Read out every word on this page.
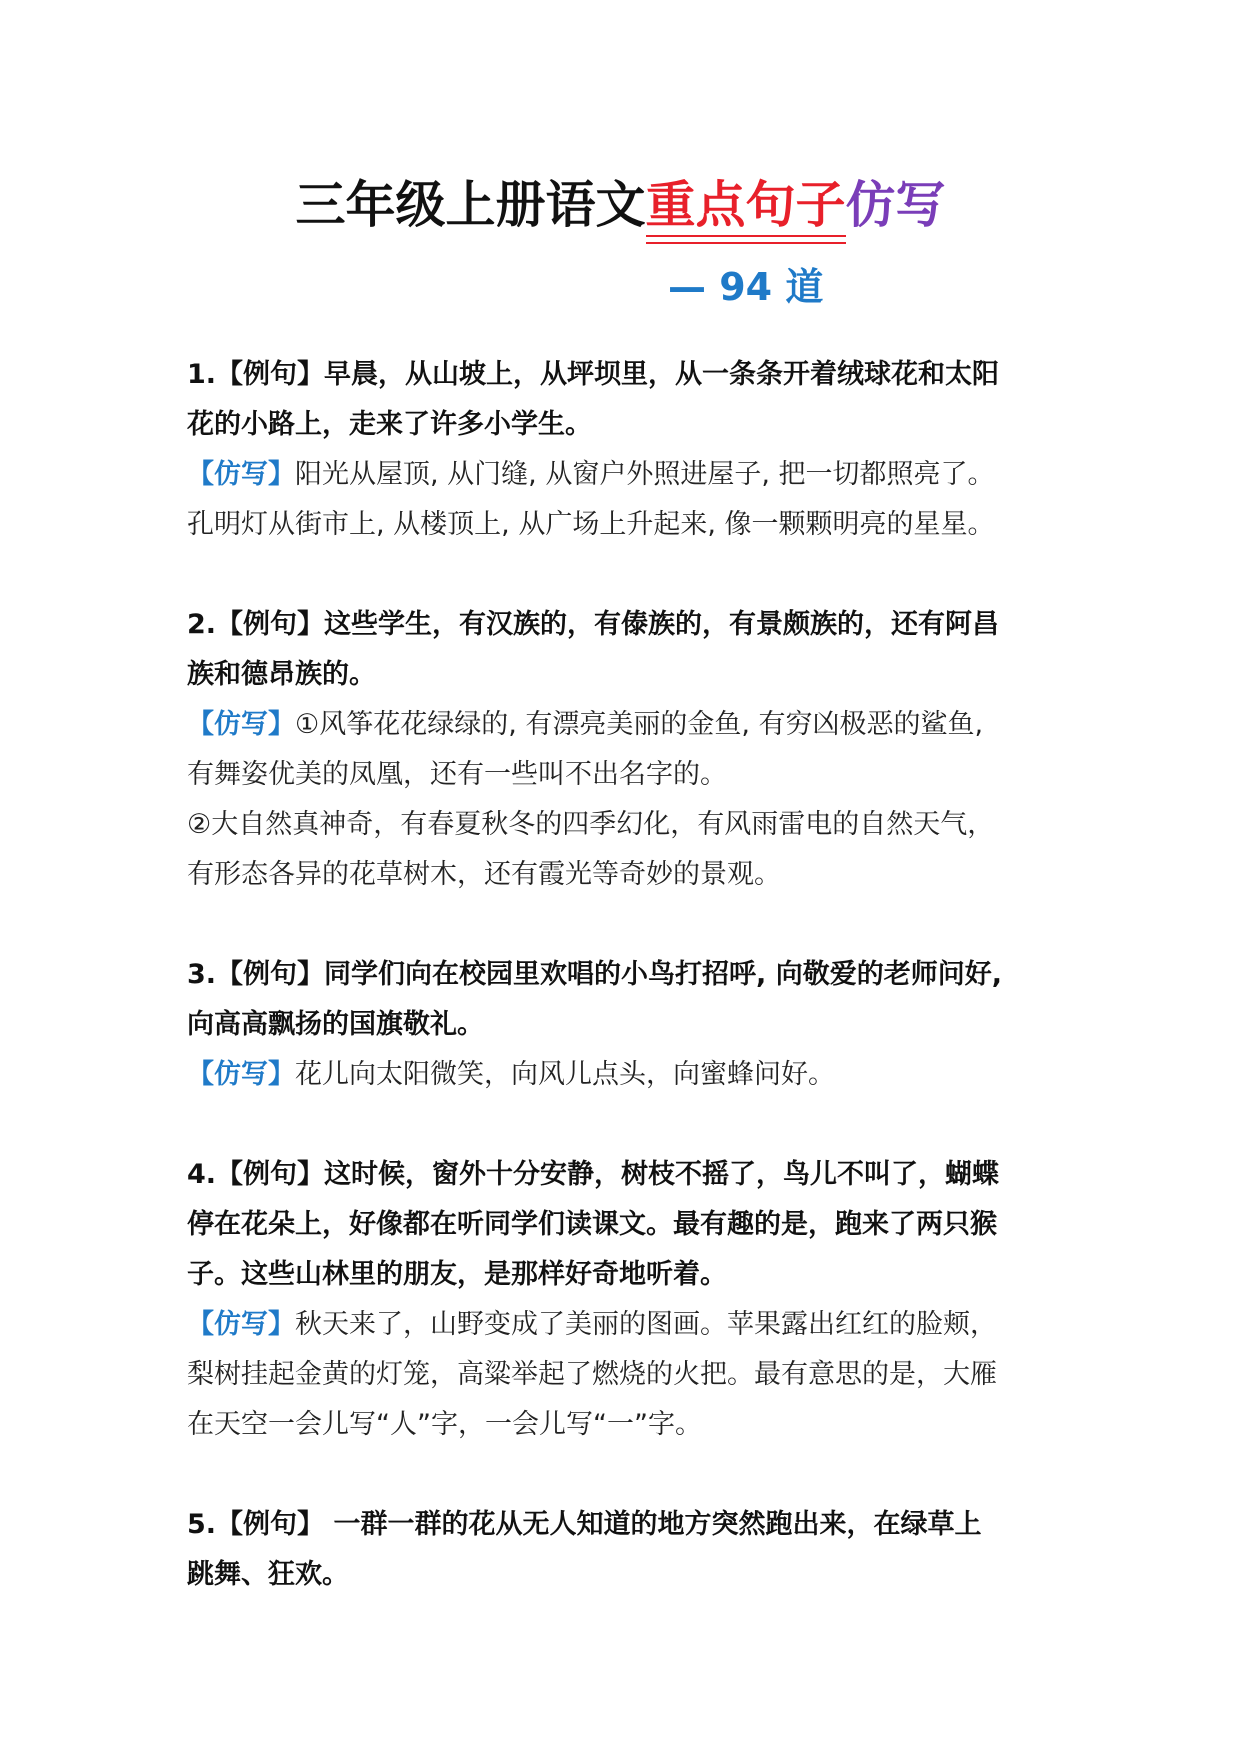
三年级上册语文重点句子仿写
— 94 道
1.【例句】早晨，从山坡上，从坪坝里，从一条条开着绒球花和太阳
花的小路上，走来了许多小学生。
【仿写】阳光从屋顶, 从门缝, 从窗户外照进屋子, 把一切都照亮了。
孔明灯从街市上, 从楼顶上, 从广场上升起来, 像一颗颗明亮的星星。
2.【例句】这些学生，有汉族的，有傣族的，有景颇族的，还有阿昌
族和德昂族的。
【仿写】①风筝花花绿绿的, 有漂亮美丽的金鱼, 有穷凶极恶的鲨鱼,
有舞姿优美的凤凰，还有一些叫不出名字的。
②大自然真神奇，有春夏秋冬的四季幻化，有风雨雷电的自然天气，
有形态各异的花草树木，还有霞光等奇妙的景观。
3.【例句】同学们向在校园里欢唱的小鸟打招呼, 向敬爱的老师问好,
向高高飘扬的国旗敬礼。
【仿写】花儿向太阳微笑，向风儿点头，向蜜蜂问好。
4.【例句】这时候，窗外十分安静，树枝不摇了，鸟儿不叫了，蝴蝶
停在花朵上，好像都在听同学们读课文。最有趣的是，跑来了两只猴
子。这些山林里的朋友，是那样好奇地听着。
【仿写】秋天来了，山野变成了美丽的图画。苹果露出红红的脸颊，
梨树挂起金黄的灯笼，高粱举起了燃烧的火把。最有意思的是，大雁
在天空一会儿写“人”字，一会儿写“一”字。
5.【例句】 一群一群的花从无人知道的地方突然跑出来，在绿草上
跳舞、狂欢。
